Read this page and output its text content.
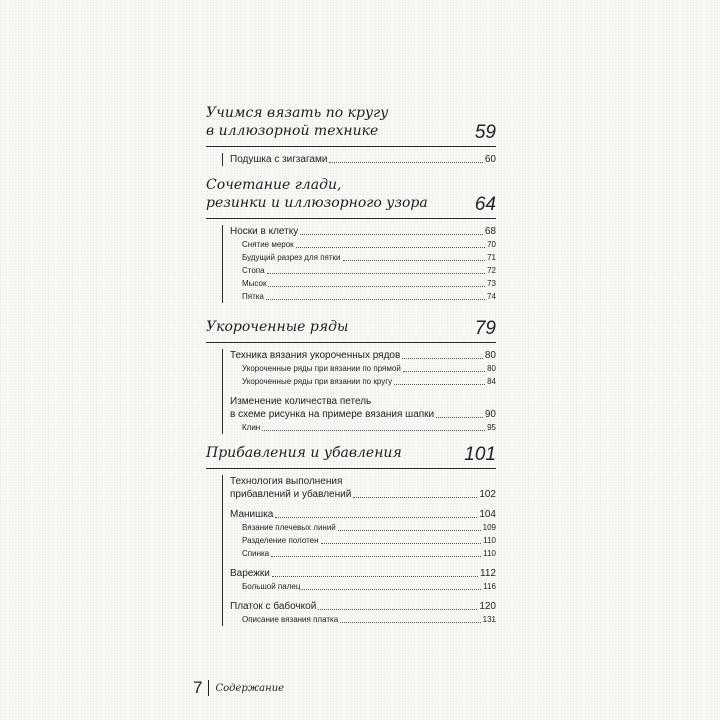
Учимся вязать по кругу
в иллюзорной технике	59
Подушка с зигзагами	60
Сочетание глади,
резинки и иллюзорного узора	64
Носки в клетку	68
Снятие мерок	70
Будущий разрез для пятки	71
Стопа	72
Мысок	73
Пятка	74
Укороченные ряды	79
Техника вязания укороченных рядов	80
Укороченные ряды при вязании по прямой	80
Укороченные ряды при вязании по кругу	84
Изменение количества петель
в схеме рисунка на примере вязания шапки	90
Клин	95
Прибавления и убавления	101
Технология выполнения
прибавлений и убавлений	102
Манишка	104
Вязание плечевых линий	109
Разделение полотен	110
Спинка	110
Варежки	112
Большой палец	116
Платок с бабочкой	120
Описание вязания платка	131
7 Содержание
